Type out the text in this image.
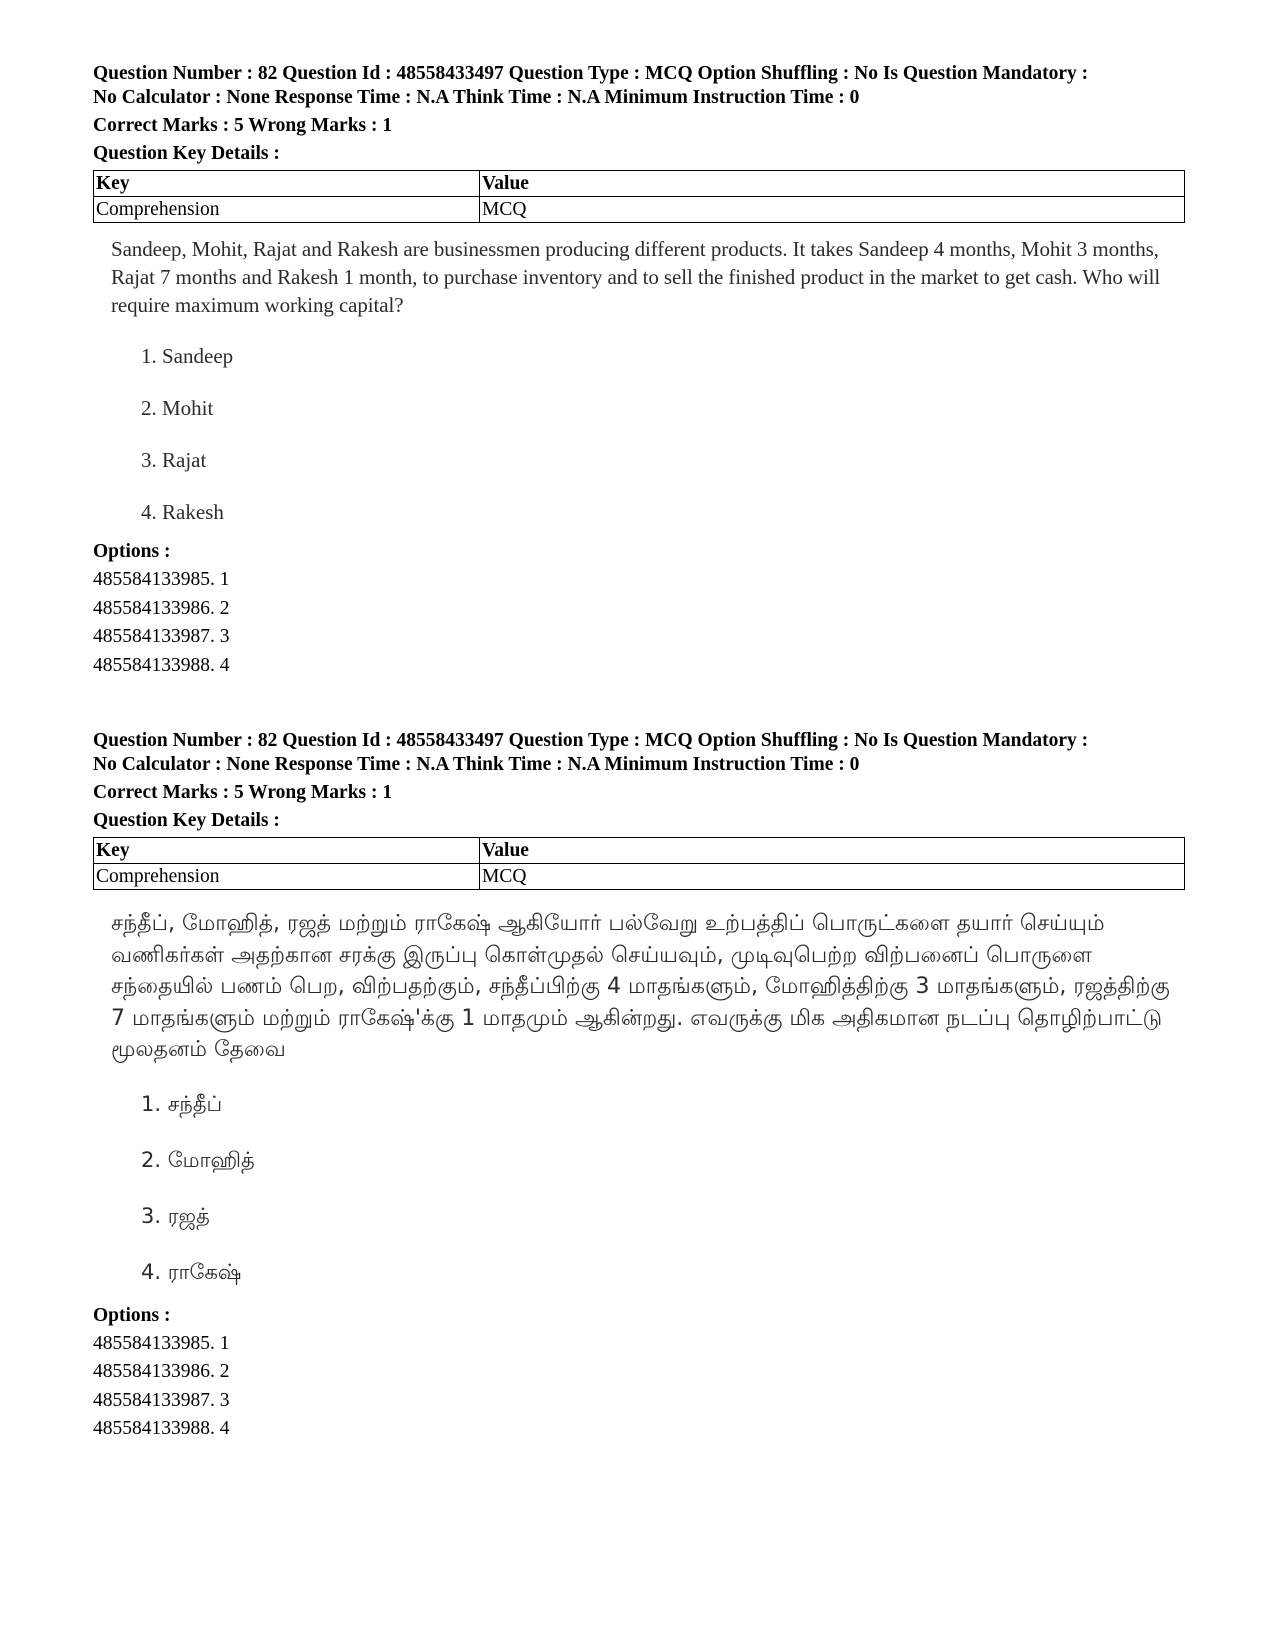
Question Number : 82 Question Id : 48558433497 Question Type : MCQ Option Shuffling : No Is Question Mandatory :
No Calculator : None Response Time : N.A Think Time : N.A Minimum Instruction Time : 0
Correct Marks : 5 Wrong Marks : 1
Question Key Details :
Key	Value
Comprehension	MCQ

Sandeep, Mohit, Rajat and Rakesh are businessmen producing different products. It takes Sandeep 4 months, Mohit 3 months, Rajat 7 months and Rakesh 1 month, to purchase inventory and to sell the finished product in the market to get cash. Who will require maximum working capital?

1. Sandeep
2. Mohit
3. Rajat
4. Rakesh
Options :
485584133985. 1
485584133986. 2
485584133987. 3
485584133988. 4
Question Number : 82 Question Id : 48558433497 Question Type : MCQ Option Shuffling : No Is Question Mandatory :
No Calculator : None Response Time : N.A Think Time : N.A Minimum Instruction Time : 0
Correct Marks : 5 Wrong Marks : 1
Question Key Details :
Key	Value
Comprehension	MCQ

சந்தீப், மோஹித், ரஜத் மற்றும் ராகேஷ் ஆகியோர் பல்வேறு உற்பத்திப் பொருட்களை தயார் செய்யும் வணிகர்கள் அதற்கான சரக்கு இருப்பு கொள்முதல் செய்யவும், முடிவுபெற்ற விற்பனைப் பொருளை சந்தையில் பணம் பெற, விற்பதற்கும், சந்தீப்பிற்கு 4 மாதங்களும், மோஹித்திற்கு 3 மாதங்களும், ரஜத்திற்கு 7 மாதங்களும் மற்றும் ராகேஷ்'க்கு 1 மாதமும் ஆகின்றது. எவருக்கு மிக அதிகமான நடப்பு தொழிற்பாட்டு மூலதனம் தேவை

1. சந்தீப்
2. மோஹித்
3. ரஜத்
4. ராகேஷ்
Options :
485584133985. 1
485584133986. 2
485584133987. 3
485584133988. 4
